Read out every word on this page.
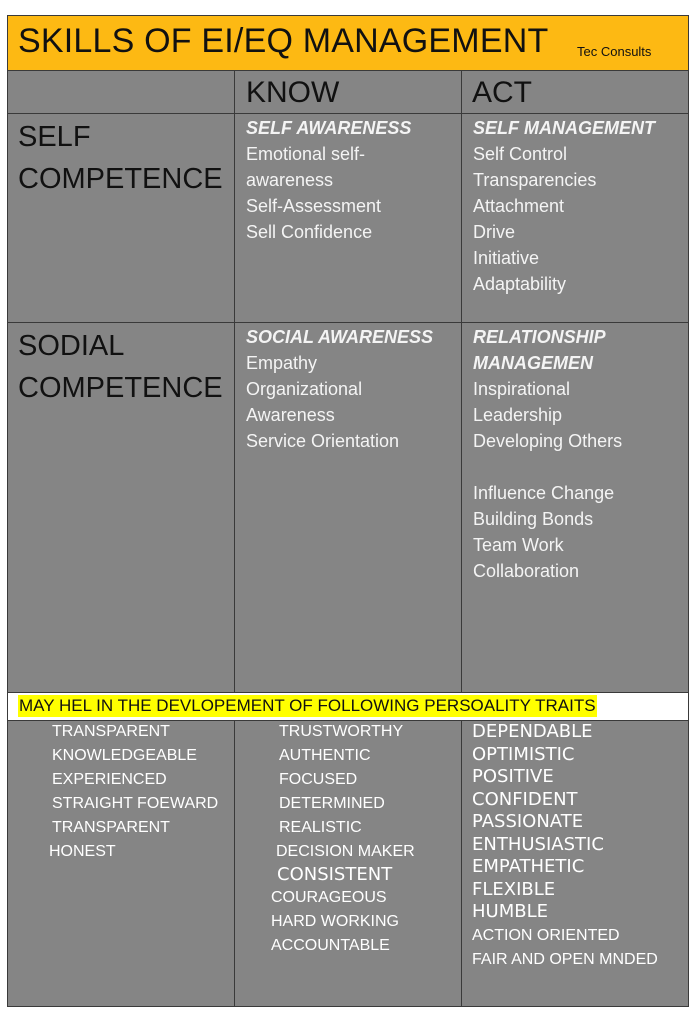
SKILLS OF EI/EQ MANAGEMENT Tec Consults
KNOW	ACT
SELF
COMPETENCE
SELF AWARENESS
Emotional self-
awareness
Self-Assessment
Sell Confidence
SELF MANAGEMENT
Self Control
Transparencies
Attachment
Drive
Initiative
Adaptability
SODIAL
COMPETENCE
SOCIAL AWARENESS
Empathy
Organizational
Awareness
Service Orientation
RELATIONSHIP
MANAGEMEN
Inspirational
Leadership
Developing Others
Influence Change
Building Bonds
Team Work
Collaboration
MAY HEL IN THE DEVLOPEMENT OF FOLLOWING PERSOALITY TRAITS
TRANSPARENT
KNOWLEDGEABLE
EXPERIENCED
STRAIGHT FOEWARD
TRANSPARENT
HONEST
TRUSTWORTHY
AUTHENTIC
FOCUSED
DETERMINED
REALISTIC
DECISION MAKER
CONSISTENT
COURAGEOUS
HARD WORKING
ACCOUNTABLE
DEPENDABLE
OPTIMISTIC
POSITIVE
CONFIDENT
PASSIONATE
ENTHUSIASTIC
EMPATHETIC
FLEXIBLE
HUMBLE
ACTION ORIENTED
FAIR AND OPEN MNDED
